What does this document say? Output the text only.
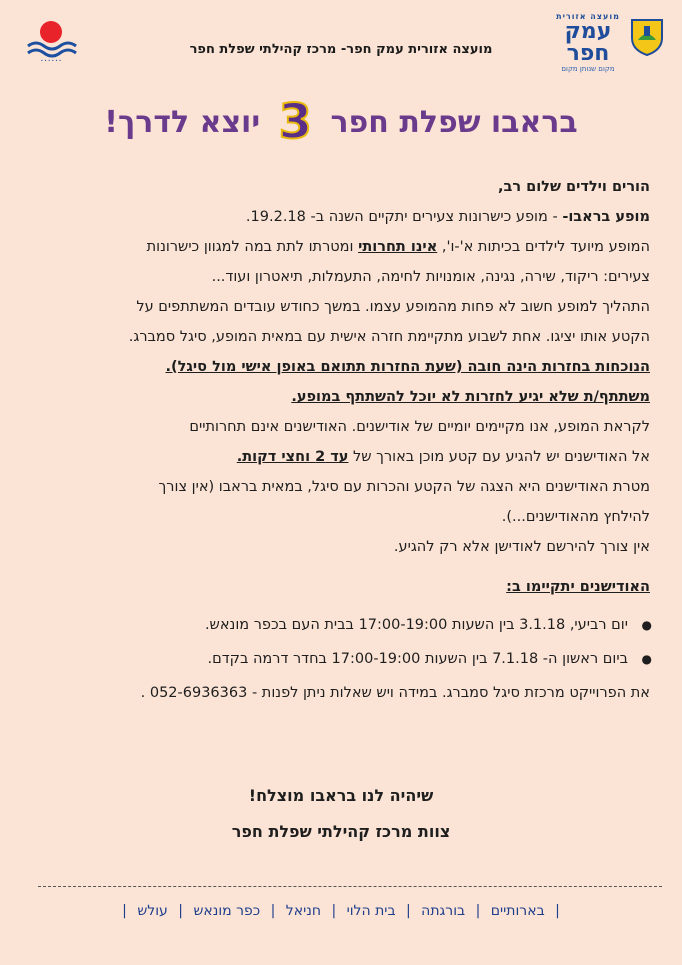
• • • • • •
מועצה אזורית
עמק חפר
מקום שנותן מקום
מועצה אזורית עמק חפר- מרכז קהילתי שפלת חפר
בראבו שפלת חפר 3 יוצא לדרך!
הורים וילדים שלום רב,
מופע בראבו- - מופע כישרונות צעירים יתקיים השנה ב- 19.2.18.
המופע מיועד לילדים בכיתות א'-ו', אינו תחרותי ומטרתו לתת במה למגוון כישרונות
צעירים: ריקוד, שירה, נגינה, אומנויות לחימה, התעמלות, תיאטרון ועוד...
התהליך למופע חשוב לא פחות מהמופע עצמו. במשך כחודש עובדים המשתתפים על
הקטע אותו יציגו. אחת לשבוע מתקיימת חזרה אישית עם במאית המופע, סיגל סמברג.
הנוכחות בחזרות הינה חובה (שעת החזרות תתואם באופן אישי מול סיגל).
משתתף/ת שלא יגיע לחזרות לא יוכל להשתתף במופע.
לקראת המופע, אנו מקיימים יומיים של אודישנים. האודישנים אינם תחרותיים
אל האודישנים יש להגיע עם קטע מוכן באורך של עד 2 וחצי דקות.
מטרת האודישנים היא הצגה של הקטע והכרות עם סיגל, במאית בראבו (אין צורך
להילחץ מהאודישנים...).
אין צורך להירשם לאודישן אלא רק להגיע.
האודישנים יתקיימו ב:
● יום רביעי, 3.1.18 בין השעות 17:00-19:00 בבית העם בכפר מונאש.
● ביום ראשון ה- 7.1.18 בין השעות 17:00-19:00 בחדר דרמה בקדם.
את הפרוייקט מרכזת סיגל סמברג. במידה ויש שאלות ניתן לפנות - 052-6936363 .
שיהיה לנו בראבו מוצלח!
צוות מרכז קהילתי שפלת חפר
| בארותיים | בורגתה | בית הלוי | חניאל | כפר מונאש | עולש |
